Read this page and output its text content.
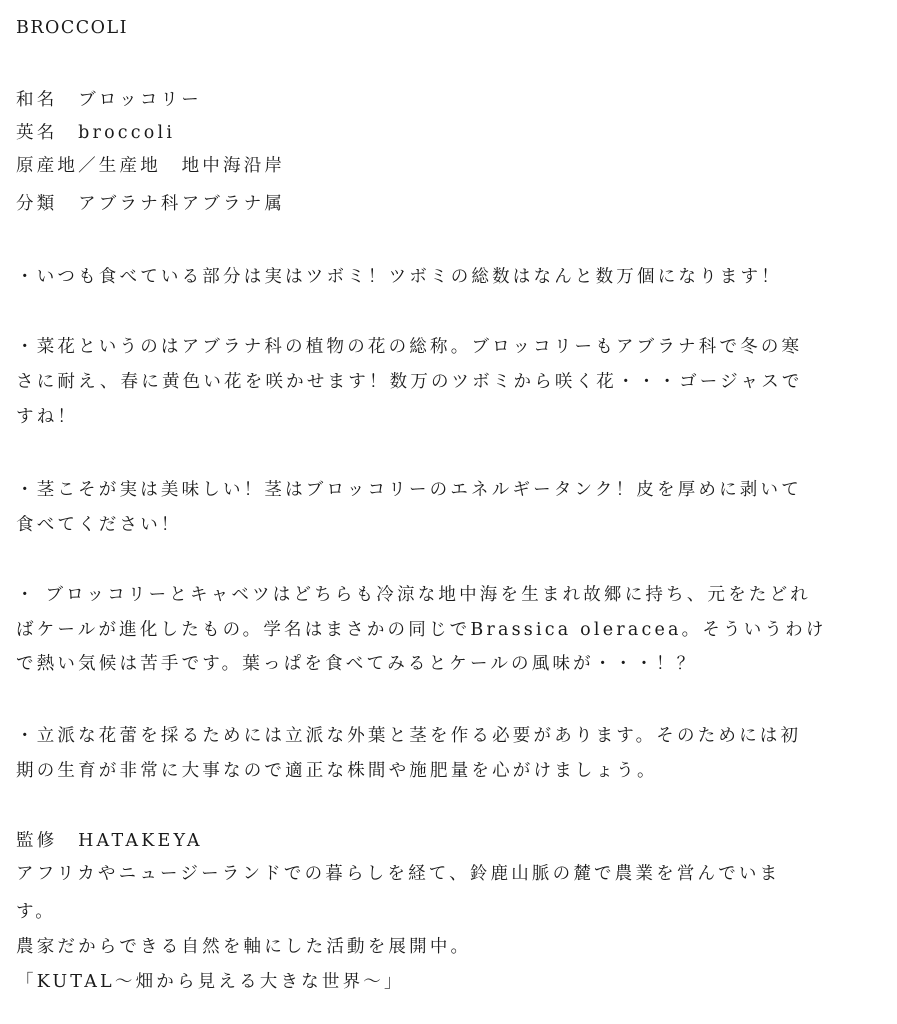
BROCCOLI
和名　ブロッコリー
英名　broccoli
原産地／生産地　地中海沿岸
分類　アブラナ科アブラナ属
・いつも食べている部分は実はツボミ！ツボミの総数はなんと数万個になります！
・菜花というのはアブラナ科の植物の花の総称。ブロッコリーもアブラナ科で冬の寒
さに耐え、春に黄色い花を咲かせます！数万のツボミから咲く花・・・ゴージャスで
すね！
・茎こそが実は美味しい！茎はブロッコリーのエネルギータンク！皮を厚めに剥いて
食べてください！
・ ブロッコリーとキャベツはどちらも冷涼な地中海を生まれ故郷に持ち、元をたどれ
ばケールが進化したもの。学名はまさかの同じでBrassica oleracea。そういうわけ
で熱い気候は苦手です。葉っぱを食べてみるとケールの風味が・・・！？
・立派な花蕾を採るためには立派な外葉と茎を作る必要があります。そのためには初
期の生育が非常に大事なので適正な株間や施肥量を心がけましょう。
監修　HATAKEYA
アフリカやニュージーランドでの暮らしを経て、鈴鹿山脈の麓で農業を営んでいま
す。
農家だからできる自然を軸にした活動を展開中。
「KUTAL〜畑から見える大きな世界〜」
